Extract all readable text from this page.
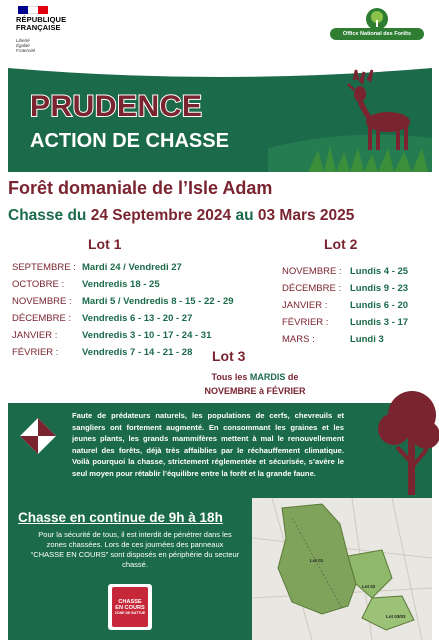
RÉPUBLIQUE
FRANÇAISE
Liberté
Égalité
Fraternité
Office National des Forêts
PRUDENCE
ACTION DE CHASSE
Forêt domaniale de l’Isle Adam
Chasse du 24 Septembre 2024 au 03 Mars 2025
Lot 1
SEPTEMBRE : Mardi 24 / Vendredi 27
OCTOBRE : Vendredis 18 - 25
NOVEMBRE : Mardi 5 / Vendredis 8 - 15 - 22 - 29
DÉCEMBRE : Vendredis 6 - 13 - 20 - 27
JANVIER :	Vendredis 3 - 10 - 17 - 24 - 31
FÉVRIER : Vendredis 7 - 14 - 21 - 28
Lot 2
NOVEMBRE : Lundis 4 - 25
DÉCEMBRE : Lundis 9 - 23
JANVIER : Lundis 6 - 20
FÉVRIER : Lundis 3 - 17
MARS :	Lundi 3
Lot 3
Tous les MARDIS de
NOVEMBRE à FÉVRIER
Faute de prédateurs naturels, les populations de cerfs, chevreuils et sangliers ont fortement augmenté. En consommant les graines et les jeunes plants, les grands mammifères mettent à mal le renouvellement naturel des forêts, déjà très affaiblies par le réchauffement climatique. Voilà pourquoi la chasse, strictement réglementée et sécurisée, s’avère le seul moyen pour rétablir l’équilibre entre la forêt et la grande faune.
Chasse en continue de 9h à 18h
Pour la sécurité de tous, il est interdit de pénétrer dans les zones chassées. Lors de ces journées des panneaux “CHASSE EN COURS” sont disposés en périphérie du secteur chassé.
CHASSE
EN COURS
ZONE DE BATTUE
Lot 01
Lot 02
Lot 03/03
